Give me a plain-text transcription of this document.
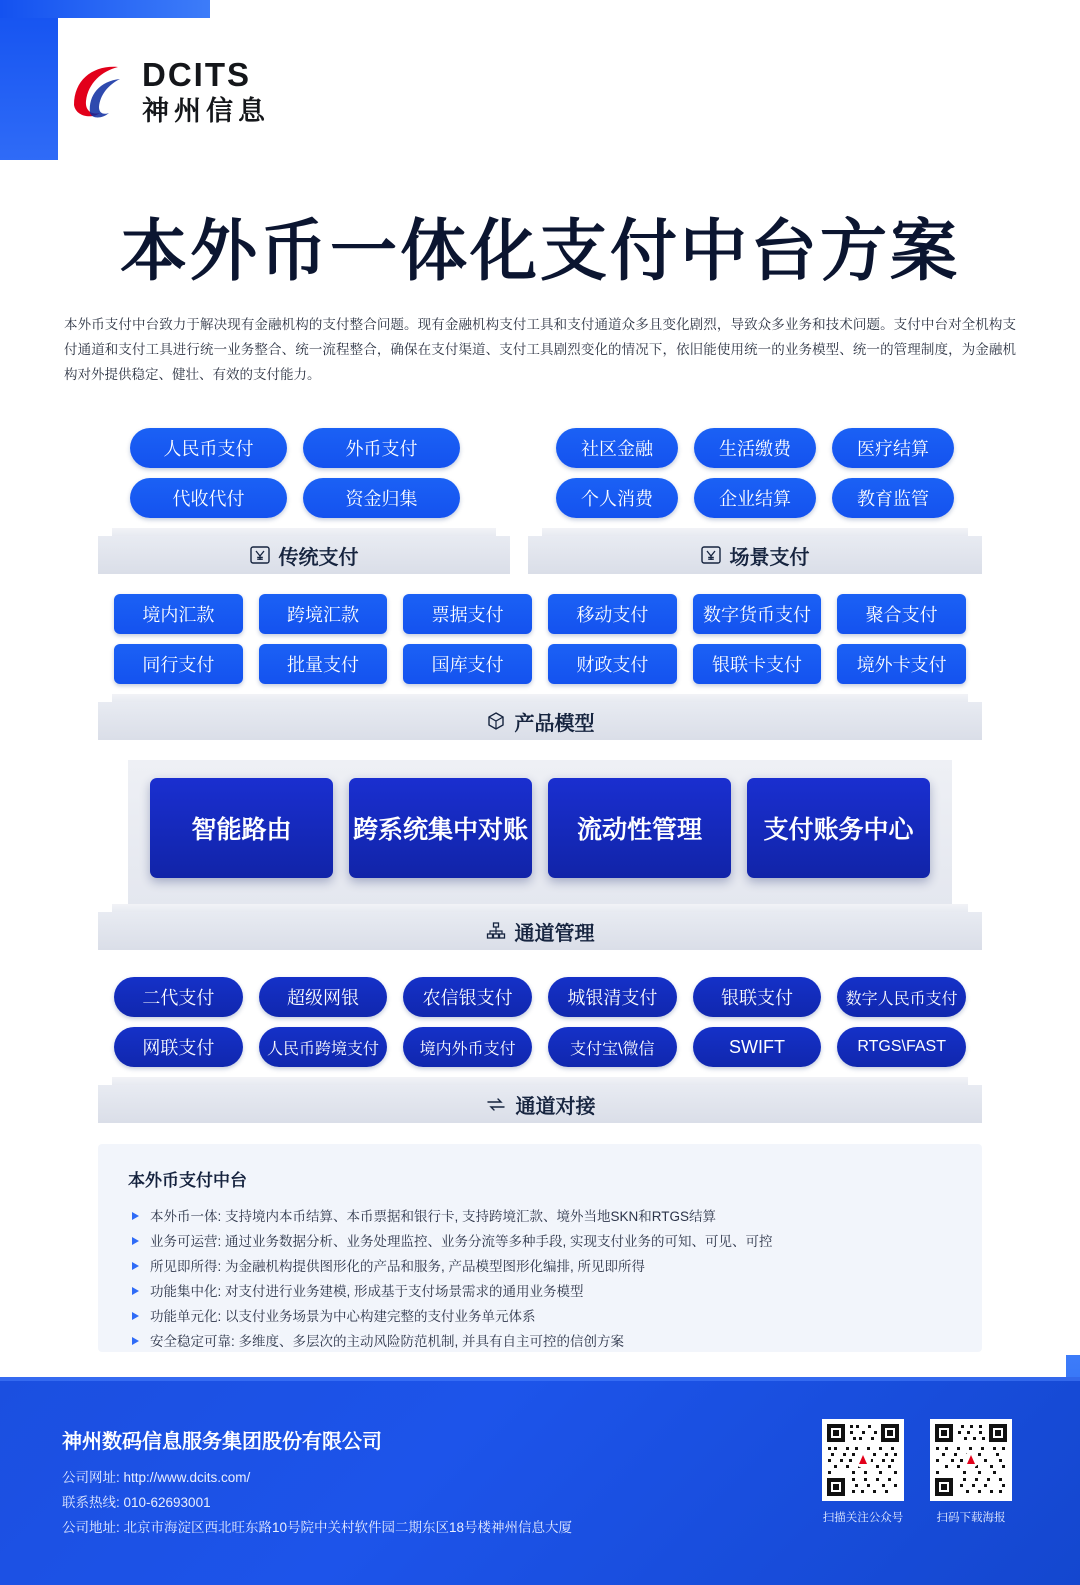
DCITS
神州信息
本外币一体化支付中台方案
本外币支付中台致力于解决现有金融机构的支付整合问题。现有金融机构支付工具和支付通道众多且变化剧烈，导致众多业务和技术问题。支付中台对全机构支付通道和支付工具进行统一业务整合、统一流程整合，确保在支付渠道、支付工具剧烈变化的情况下，依旧能使用统一的业务模型、统一的管理制度，为金融机构对外提供稳定、健壮、有效的支付能力。
人民币支付	外币支付
代收代付	资金归集
传统支付
社区金融	生活缴费	医疗结算
个人消费	企业结算	教育监管
场景支付
境内汇款	跨境汇款	票据支付	移动支付	数字货币支付	聚合支付
同行支付	批量支付	国库支付	财政支付	银联卡支付	境外卡支付
产品模型
智能路由	跨系统集中对账	流动性管理	支付账务中心
通道管理
二代支付	超级网银	农信银支付	城银清支付	银联支付	数字人民币支付
网联支付	人民币跨境支付	境内外币支付	支付宝\微信	SWIFT	RTGS\FAST
通道对接
本外币支付中台
本外币一体: 支持境内本币结算、本币票据和银行卡, 支持跨境汇款、境外当地SKN和RTGS结算
业务可运营: 通过业务数据分析、业务处理监控、业务分流等多种手段, 实现支付业务的可知、可见、可控
所见即所得: 为金融机构提供图形化的产品和服务, 产品模型图形化编排, 所见即所得
功能集中化: 对支付进行业务建模, 形成基于支付场景需求的通用业务模型
功能单元化: 以支付业务场景为中心构建完整的支付业务单元体系
安全稳定可靠: 多维度、多层次的主动风险防范机制, 并具有自主可控的信创方案
神州数码信息服务集团股份有限公司
公司网址: http://www.dcits.com/
联系热线: 010-62693001
公司地址: 北京市海淀区西北旺东路10号院中关村软件园二期东区18号楼神州信息大厦
扫描关注公众号	扫码下载海报
